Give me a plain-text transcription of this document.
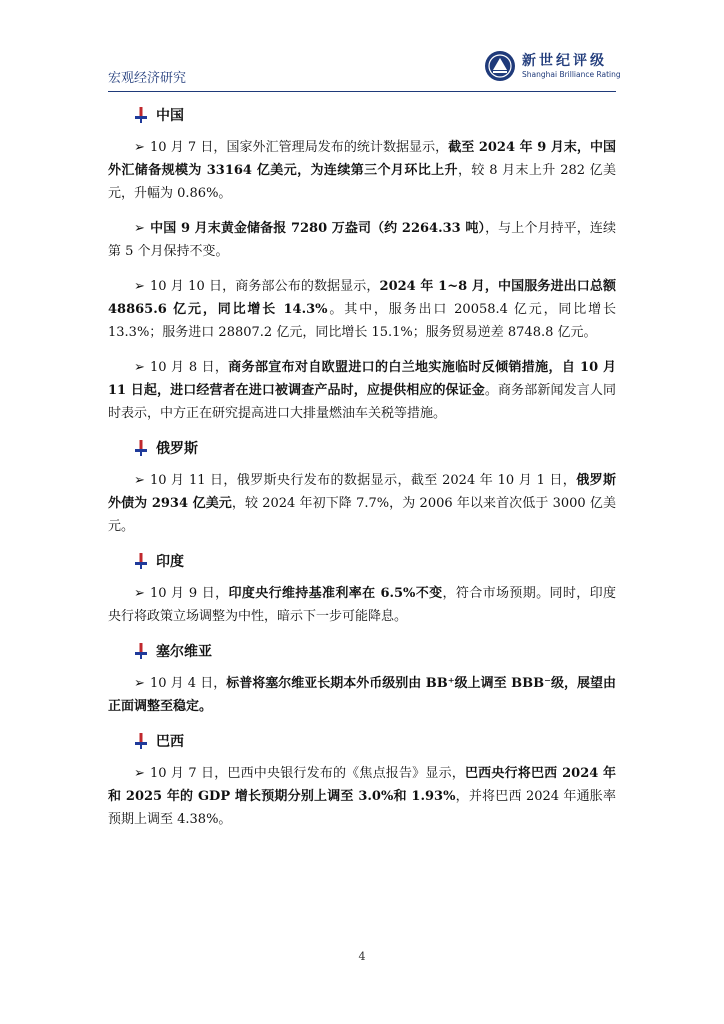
宏观经济研究
新世纪评级
Shanghai Brilliance Rating
中国

➢ 10 月 7 日，国家外汇管理局发布的统计数据显示，截至 2024 年 9 月末，中国外汇储备规模为 33164 亿美元，为连续第三个月环比上升，较 8 月末上升 282 亿美元，升幅为 0.86%。

➢ 中国 9 月末黄金储备报 7280 万盎司（约 2264.33 吨），与上个月持平，连续第 5 个月保持不变。

➢ 10 月 10 日，商务部公布的数据显示，2024 年 1~8 月，中国服务进出口总额 48865.6 亿元，同比增长 14.3%。其中，服务出口 20058.4 亿元，同比增长 13.3%；服务进口 28807.2 亿元，同比增长 15.1%；服务贸易逆差 8748.8 亿元。

➢ 10 月 8 日，商务部宣布对自欧盟进口的白兰地实施临时反倾销措施，自 10 月 11 日起，进口经营者在进口被调查产品时，应提供相应的保证金。商务部新闻发言人同时表示，中方正在研究提高进口大排量燃油车关税等措施。

俄罗斯

➢ 10 月 11 日，俄罗斯央行发布的数据显示，截至 2024 年 10 月 1 日，俄罗斯外债为 2934 亿美元，较 2024 年初下降 7.7%，为 2006 年以来首次低于 3000 亿美元。

印度

➢ 10 月 9 日，印度央行维持基准利率在 6.5%不变，符合市场预期。同时，印度央行将政策立场调整为中性，暗示下一步可能降息。

塞尔维亚

➢ 10 月 4 日，标普将塞尔维亚长期本外币级别由 BB⁺级上调至 BBB⁻级，展望由正面调整至稳定。

巴西

➢ 10 月 7 日，巴西中央银行发布的《焦点报告》显示，巴西央行将巴西 2024 年和 2025 年的 GDP 增长预期分别上调至 3.0%和 1.93%，并将巴西 2024 年通胀率预期上调至 4.38%。

4
